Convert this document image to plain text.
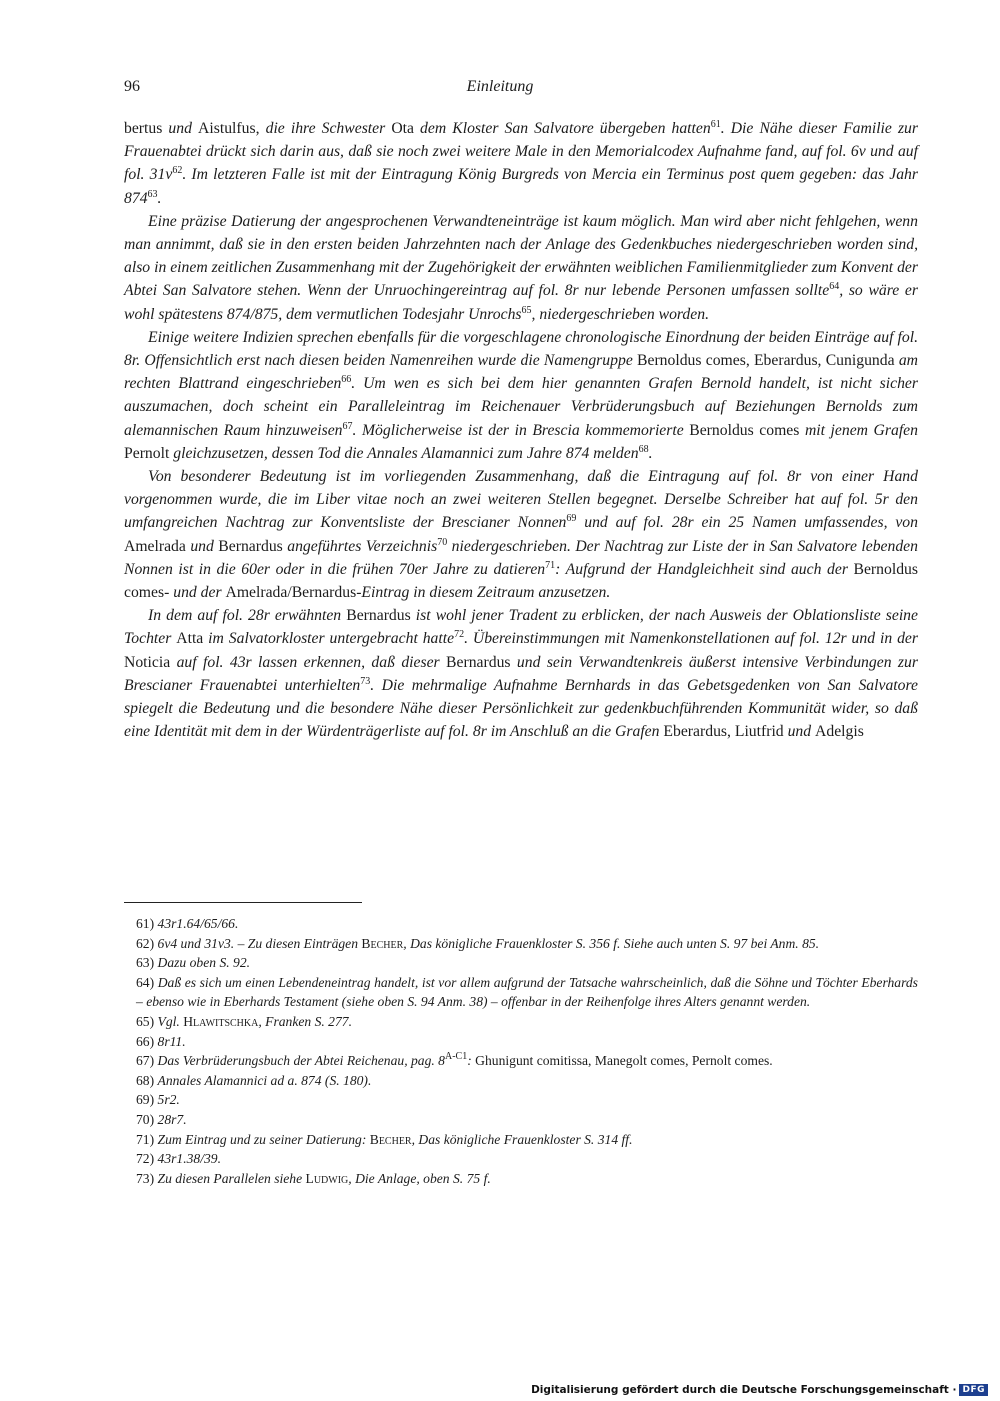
96	Einleitung

bertus und Aistulfus, die ihre Schwester Ota dem Kloster San Salvatore übergeben hatten$^{61}$. Die Nähe dieser Familie zur Frauenabtei drückt sich darin aus, daß sie noch zwei weitere Male in den Memorialcodex Aufnahme fand, auf fol. 6v und auf fol. $31v^{62}$. Im letzteren Falle ist mit der Eintragung König Burgreds von Mercia ein Terminus post quem gegeben: das Jahr $874^{63}$.

Eine präzise Datierung der angesprochenen Verwandteneinträge ist kaum möglich. Man wird aber nicht fehlgehen, wenn man annimmt, daß sie in den ersten beiden Jahrzehnten nach der Anlage des Gedenkbuches niedergeschrieben worden sind, also in einem zeitlichen Zusammenhang mit der Zugehörigkeit der erwähnten weiblichen Familienmitglieder zum Konvent der Abtei San Salvatore stehen. Wenn der Unruochingereintrag auf fol. 8r nur lebende Personen umfassen sollte$^{64}$, so wäre er wohl spätestens 874/875, dem vermutlichen Todesjahr Unrochs$^{65}$, niedergeschrieben worden.

Einige weitere Indizien sprechen ebenfalls für die vorgeschlagene chronologische Einordnung der beiden Einträge auf fol. 8r. Offensichtlich erst nach diesen beiden Namenreihen wurde die Namengruppe Bernoldus comes, Eberardus, Cunigunda am rechten Blattrand eingeschrieben$^{66}$. Um wen es sich bei dem hier genannten Grafen Bernold handelt, ist nicht sicher auszumachen, doch scheint ein Paralleleintrag im Reichenauer Verbrüderungsbuch auf Beziehungen Bernolds zum alemannischen Raum hinzuweisen$^{67}$. Möglicherweise ist der in Brescia kommemorierte Bernoldus comes mit jenem Grafen Pernolt gleichzusetzen, dessen Tod die Annales Alamannici zum Jahre 874 melden$^{68}$.

Von besonderer Bedeutung ist im vorliegenden Zusammenhang, daß die Eintragung auf fol. 8r von einer Hand vorgenommen wurde, die im Liber vitae noch an zwei weiteren Stellen begegnet. Derselbe Schreiber hat auf fol. 5r den umfangreichen Nachtrag zur Konventsliste der Brescianer Nonnen$^{69}$ und auf fol. 28r ein 25 Namen umfassendes, von Amelrada und Bernardus angeführtes Verzeichnis$^{70}$ niedergeschrieben. Der Nachtrag zur Liste der in San Salvatore lebenden Nonnen ist in die 60er oder in die frühen 70er Jahre zu datieren$^{71}$: Aufgrund der Handgleichheit sind auch der Bernoldus comes- und der Amelrada/Bernardus-Eintrag in diesem Zeitraum anzusetzen.

In dem auf fol. 28r erwähnten Bernardus ist wohl jener Tradent zu erblicken, der nach Ausweis der Oblationsliste seine Tochter Atta im Salvatorkloster untergebracht hatte$^{72}$. Übereinstimmungen mit Namenkonstellationen auf fol. 12r und in der Noticia auf fol. 43r lassen erkennen, daß dieser Bernardus und sein Verwandtenkreis äußerst intensive Verbindungen zur Brescianer Frauenabtei unterhielten$^{73}$. Die mehrmalige Aufnahme Bernhards in das Gebetsgedenken von San Salvatore spiegelt die Bedeutung und die besondere Nähe dieser Persönlichkeit zur gedenkbuchführenden Kommunität wider, so daß eine Identität mit dem in der Würdenträgerliste auf fol. 8r im Anschluß an die Grafen Eberardus, Liutfrid und Adelgis

61) 43r1.64/65/66.

62) 6v4 und 31v3. – Zu diesen Einträgen Becher, Das königliche Frauenkloster S. 356 f. Siehe auch unten S. 97 bei Anm. 85.

63) Dazu oben S. 92.

64) Daß es sich um einen Lebendeneintrag handelt, ist vor allem aufgrund der Tatsache wahrscheinlich, daß die Söhne und Töchter Eberhards – ebenso wie in Eberhards Testament (siehe oben S. 94 Anm. 38) – offenbar in der Reihenfolge ihres Alters genannt werden.

65) Vgl. Hlawitschka, Franken S. 277.

66) 8r11.

67) Das Verbrüderungsbuch der Abtei Reichenau, pag. $8^{A-C1}$: Ghunigunt comitissa, Manegolt comes, Pernolt comes.

68) Annales Alamannici ad a. 874 (S. 180).

69) 5r2.

70) 28r7.

71) Zum Eintrag und zu seiner Datierung: Becher, Das königliche Frauenkloster S. 314 ff.

72) 43r1.38/39.

73) Zu diesen Parallelen siehe Ludwig, Die Anlage, oben S. 75 f.

Digitalisierung gefördert durch die Deutsche Forschungsgemeinschaft · DFG
